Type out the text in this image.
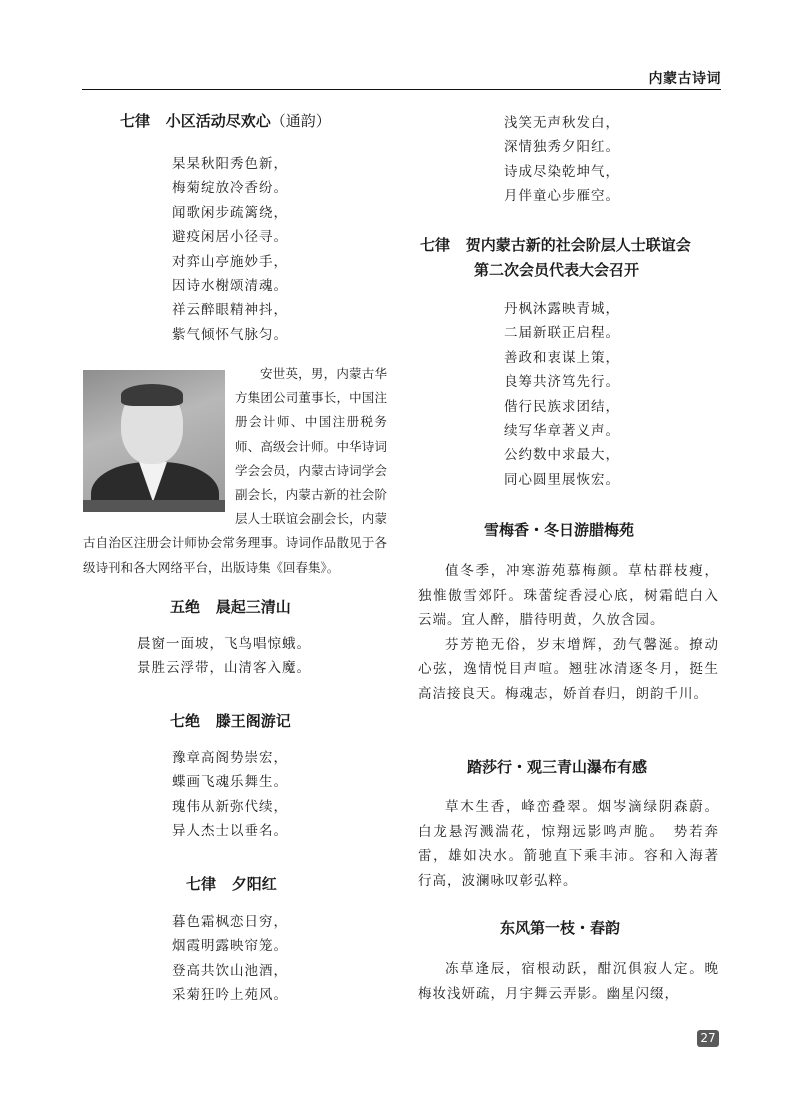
内蒙古诗词
七律 小区活动尽欢心（通韵）
杲杲秋阳秀色新，
梅菊绽放冷香纷。
闻歌闲步疏篱绕，
避疫闲居小径寻。
对弈山亭施妙手，
因诗水榭颂清魂。
祥云醉眼精神抖，
紫气倾怀气脉匀。
安世英，男，内蒙古华方集团公司董事长，中国注册会计师、中国注册税务师、高级会计师。中华诗词学会会员，内蒙古诗词学会副会长，内蒙古新的社会阶层人士联谊会副会长，内蒙古自治区注册会计师协会常务理事。诗词作品散见于各级诗刊和各大网络平台，出版诗集《回春集》。
五绝 晨起三清山
晨窗一面坡，飞鸟唱惊蛾。
景胜云浮带，山清客入魔。
七绝 滕王阁游记
豫章高阁势崇宏，
蝶画飞魂乐舞生。
瑰伟从新弥代续，
异人杰士以垂名。
七律 夕阳红
暮色霜枫恋日穷，
烟霞明露映帘笼。
登高共饮山池酒，
采菊狂吟上苑风。
浅笑无声秋发白，
深情独秀夕阳红。
诗成尽染乾坤气，
月伴童心步雁空。
七律 贺内蒙古新的社会阶层人士联谊会
第二次会员代表大会召开
丹枫沐露映青城，
二届新联正启程。
善政和衷谋上策，
良筹共济笃先行。
偕行民族求团结，
续写华章著义声。
公约数中求最大，
同心圆里展恢宏。
雪梅香・冬日游腊梅苑

值冬季，冲寒游苑慕梅颜。草枯群枝瘦，独惟傲雪郊阡。珠蕾绽香浸心底，树霜皑白入云端。宜人醉，腊待明黄，久放含园。

芬芳艳无俗，岁末增辉，劲气馨涎。撩动心弦，逸情悦目声喧。翘驻冰清逐冬月，挺生高洁接良天。梅魂志，娇首春归，朗韵千川。

踏莎行・观三青山瀑布有感

草木生香，峰峦叠翠。烟岑滴绿阴森蔚。白龙悬泻溅湍花，惊翔远影鸣声脆。　势若奔雷，雄如决水。箭驰直下乘丰沛。容和入海著行高，波澜咏叹彰弘粹。

东风第一枝・春韵

冻草逢辰，宿根动跃，酣沉俱寂人定。晚梅妆浅妍疏，月宇舞云弄影。幽星闪缀，

27
